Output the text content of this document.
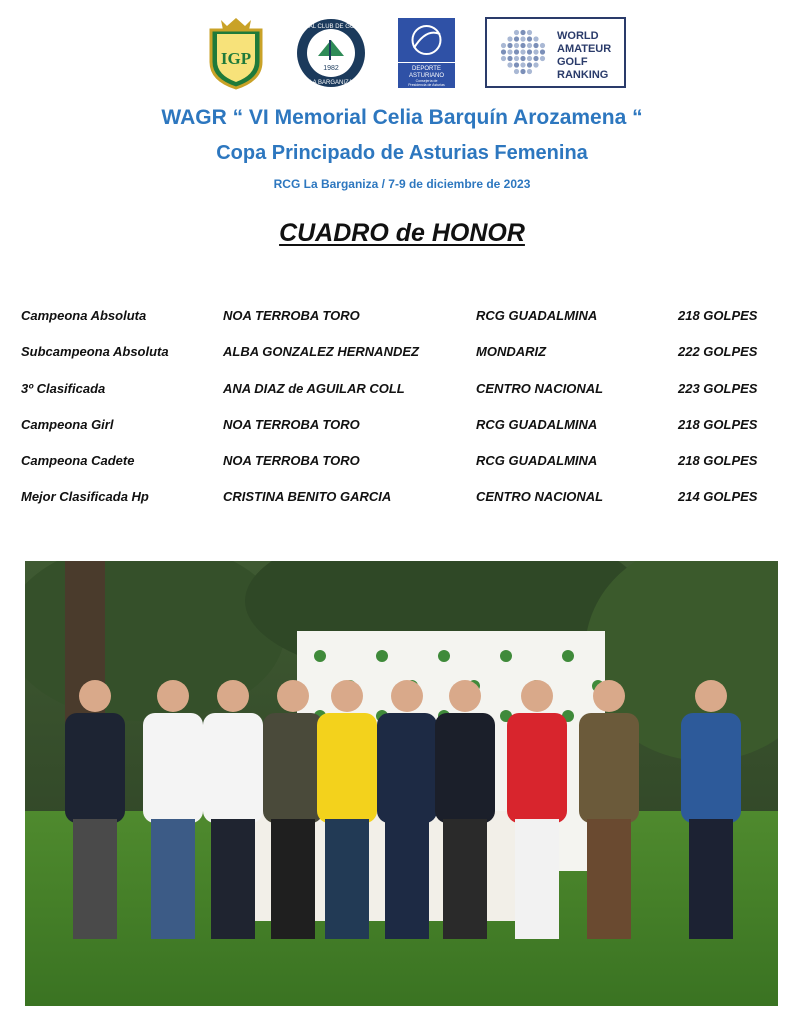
IGP
1982
REAL CLUB DE GOLF
LA BARGANIZA
DEPORTE
ASTURIANO
Consejería de
Presidencia de Asturias
WORLD
AMATEUR
GOLF
RANKING
WAGR “ VI Memorial Celia Barquín Arozamena “
Copa Principado de Asturias Femenina
RCG La Barganiza / 7-9 de diciembre de 2023
CUADRO de HONOR
Campeona Absoluta	NOA TERROBA TORO	RCG GUADALMINA	218 GOLPES
Subcampeona Absoluta	ALBA GONZALEZ HERNANDEZ	MONDARIZ	222 GOLPES
3º Clasificada	ANA DIAZ de AGUILAR COLL	CENTRO NACIONAL	223 GOLPES
Campeona Girl	NOA TERROBA TORO	RCG GUADALMINA	218 GOLPES
Campeona Cadete	NOA TERROBA TORO	RCG GUADALMINA	218 GOLPES
Mejor Clasificada Hp	CRISTINA BENITO GARCIA	CENTRO NACIONAL	214 GOLPES
